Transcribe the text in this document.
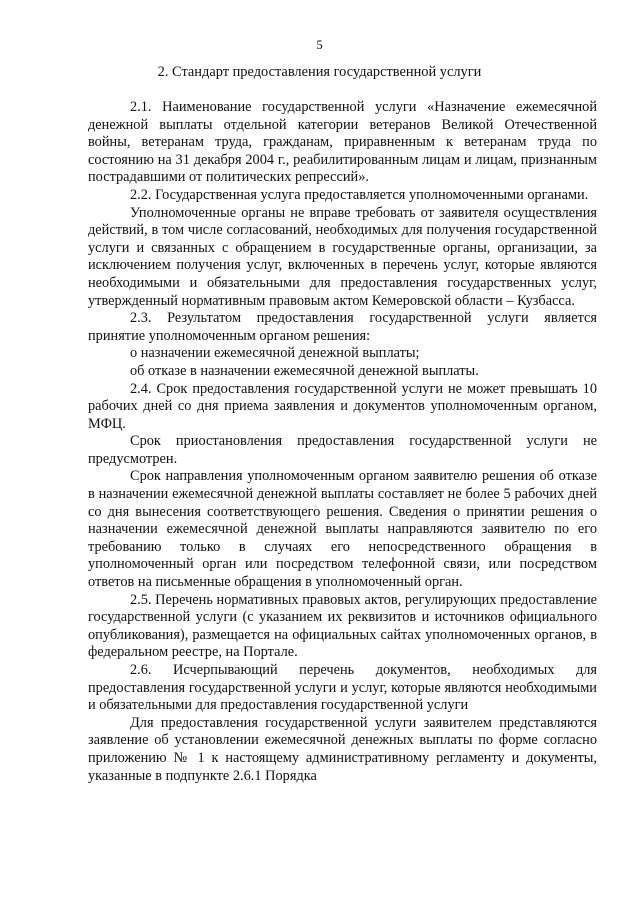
5
2. Стандарт предоставления государственной услуги

2.1. Наименование государственной услуги «Назначение ежемесячной денежной выплаты отдельной категории ветеранов Великой Отечественной войны, ветеранам труда, гражданам, приравненным к ветеранам труда по состоянию на 31 декабря 2004 г., реабилитированным лицам и лицам, признанным пострадавшими от политических репрессий».

2.2. Государственная услуга предоставляется уполномоченными органами.

Уполномоченные органы не вправе требовать от заявителя осуществления действий, в том числе согласований, необходимых для получения государственной услуги и связанных с обращением в государственные органы, организации, за исключением получения услуг, включенных в перечень услуг, которые являются необходимыми и обязательными для предоставления государственных услуг, утвержденный нормативным правовым актом Кемеровской области – Кузбасса.

2.3. Результатом предоставления государственной услуги является принятие уполномоченным органом решения:

о назначении ежемесячной денежной выплаты;

об отказе в назначении ежемесячной денежной выплаты.

2.4. Срок предоставления государственной услуги не может превышать 10 рабочих дней со дня приема заявления и документов уполномоченным органом, МФЦ.

Срок приостановления предоставления государственной услуги не предусмотрен.

Срок направления уполномоченным органом заявителю решения об отказе в назначении ежемесячной денежной выплаты составляет не более 5 рабочих дней со дня вынесения соответствующего решения. Сведения о принятии решения о назначении ежемесячной денежной выплаты направляются заявителю по его требованию только в случаях его непосредственного обращения в уполномоченный орган или посредством телефонной связи, или посредством ответов на письменные обращения в уполномоченный орган.

2.5. Перечень нормативных правовых актов, регулирующих предоставление государственной услуги (с указанием их реквизитов и источников официального опубликования), размещается на официальных сайтах уполномоченных органов, в федеральном реестре, на Портале.

2.6. Исчерпывающий перечень документов, необходимых для предоставления государственной услуги и услуг, которые являются необходимыми и обязательными для предоставления государственной услуги

Для предоставления государственной услуги заявителем представляются заявление об установлении ежемесячной денежных выплаты по форме согласно приложению № 1 к настоящему административному регламенту и документы, указанные в подпункте 2.6.1 Порядка
